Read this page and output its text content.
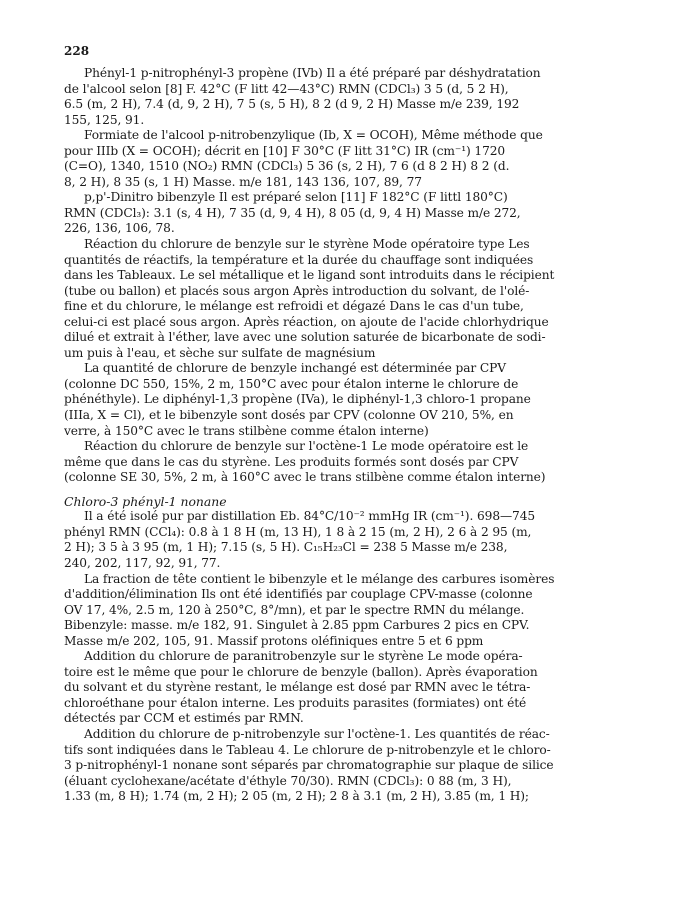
228
Phényl-1 p-nitrophényl-3 propène (IVb) Il a été préparé par déshydratation
de l'alcool selon [8] F. 42°C (F litt 42—43°C) RMN (CDCl₃) 3 5 (d, 5 2 H),
6.5 (m, 2 H), 7.4 (d, 9, 2 H), 7 5 (s, 5 H), 8 2 (d 9, 2 H) Masse m/e 239, 192
155, 125, 91.
Formiate de l'alcool p-nitrobenzylique (Ib, X = OCOH), Même méthode que
pour IIIb (X = OCOH); décrit en [10] F 30°C (F litt 31°C) IR (cm⁻¹) 1720
(C=O), 1340, 1510 (NO₂) RMN (CDCl₃) 5 36 (s, 2 H), 7 6 (d 8 2 H) 8 2 (d.
8, 2 H), 8 35 (s, 1 H) Masse. m/e 181, 143 136, 107, 89, 77
p,p'-Dinitro bibenzyle Il est préparé selon [11] F 182°C (F littl 180°C)
RMN (CDCl₃): 3.1 (s, 4 H), 7 35 (d, 9, 4 H), 8 05 (d, 9, 4 H) Masse m/e 272,
226, 136, 106, 78.
Réaction du chlorure de benzyle sur le styrène Mode opératoire type Les
quantités de réactifs, la température et la durée du chauffage sont indiquées
dans les Tableaux. Le sel métallique et le ligand sont introduits dans le récipient
(tube ou ballon) et placés sous argon Après introduction du solvant, de l'olé-
fine et du chlorure, le mélange est refroidi et dégazé Dans le cas d'un tube,
celui-ci est placé sous argon. Après réaction, on ajoute de l'acide chlorhydrique
dilué et extrait à l'éther, lave avec une solution saturée de bicarbonate de sodi-
um puis à l'eau, et sèche sur sulfate de magnésium
La quantité de chlorure de benzyle inchangé est déterminée par CPV
(colonne DC 550, 15%, 2 m, 150°C avec pour étalon interne le chlorure de
phénéthyle). Le diphényl-1,3 propène (IVa), le diphényl-1,3 chloro-1 propane
(IIIa, X = Cl), et le bibenzyle sont dosés par CPV (colonne OV 210, 5%, en
verre, à 150°C avec le trans stilbène comme étalon interne)
Réaction du chlorure de benzyle sur l'octène-1 Le mode opératoire est le
même que dans le cas du styrène. Les produits formés sont dosés par CPV
(colonne SE 30, 5%, 2 m, à 160°C avec le trans stilbène comme étalon interne)
Chloro-3 phényl-1 nonane
Il a été isolé pur par distillation Eb. 84°C/10⁻² mmHg IR (cm⁻¹). 698—745
phényl RMN (CCl₄): 0.8 à 1 8 H (m, 13 H), 1 8 à 2 15 (m, 2 H), 2 6 à 2 95 (m,
2 H); 3 5 à 3 95 (m, 1 H); 7.15 (s, 5 H). C₁₅H₂₃Cl = 238 5 Masse m/e 238,
240, 202, 117, 92, 91, 77.
La fraction de tête contient le bibenzyle et le mélange des carbures isomères
d'addition/élimination Ils ont été identifiés par couplage CPV-masse (colonne
OV 17, 4%, 2.5 m, 120 à 250°C, 8°/mn), et par le spectre RMN du mélange.
Bibenzyle: masse. m/e 182, 91. Singulet à 2.85 ppm Carbures 2 pics en CPV.
Masse m/e 202, 105, 91. Massif protons oléfiniques entre 5 et 6 ppm
Addition du chlorure de paranitrobenzyle sur le styrène Le mode opéra-
toire est le même que pour le chlorure de benzyle (ballon). Après évaporation
du solvant et du styrène restant, le mélange est dosé par RMN avec le tétra-
chloroéthane pour étalon interne. Les produits parasites (formiates) ont été
détectés par CCM et estimés par RMN.
Addition du chlorure de p-nitrobenzyle sur l'octène-1. Les quantités de réac-
tifs sont indiquées dans le Tableau 4. Le chlorure de p-nitrobenzyle et le chloro-
3 p-nitrophényl-1 nonane sont séparés par chromatographie sur plaque de silice
(éluant cyclohexane/acétate d'éthyle 70/30). RMN (CDCl₃): 0 88 (m, 3 H),
1.33 (m, 8 H); 1.74 (m, 2 H); 2 05 (m, 2 H); 2 8 à 3.1 (m, 2 H), 3.85 (m, 1 H);
